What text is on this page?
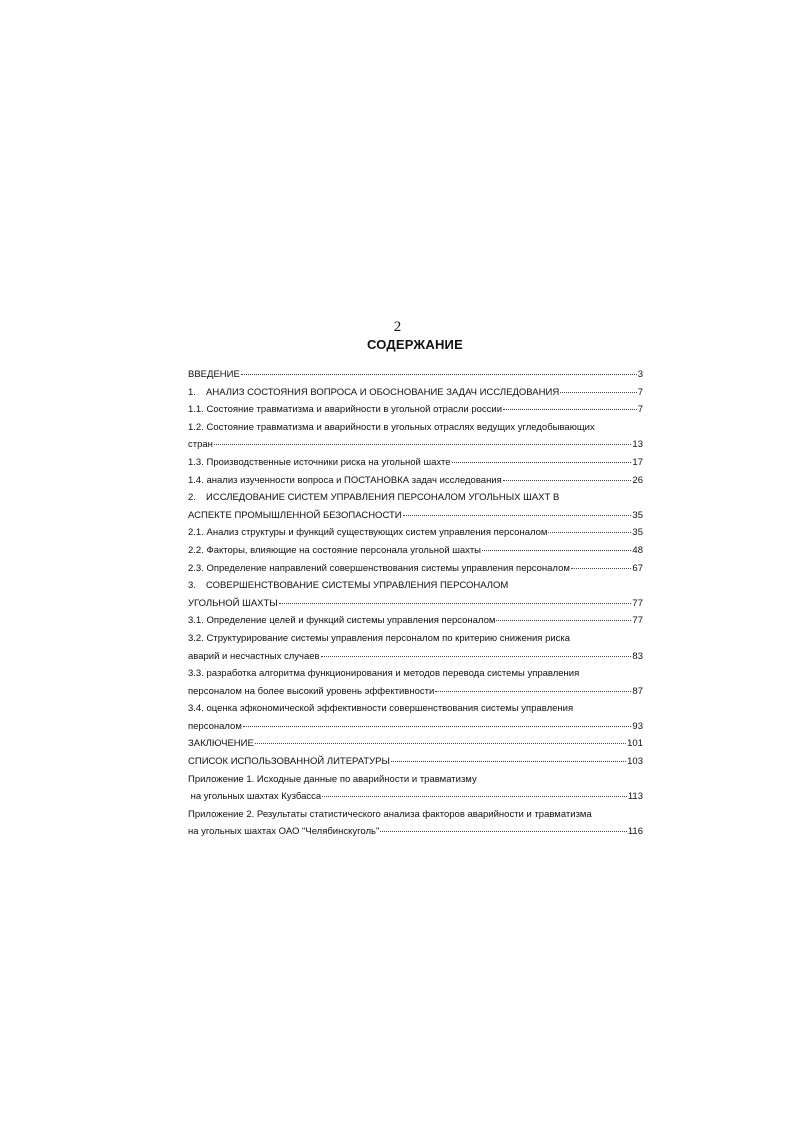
2
СОДЕРЖАНИЕ
ВВЕДЕНИЕ	3
1. АНАЛИЗ СОСТОЯНИЯ ВОПРОСА И ОБОСНОВАНИЕ ЗАДАЧ ИССЛЕДОВАНИЯ	7
1.1. Состояние травматизма и аварийности в угольной отрасли россии	7
1.2. Состояние травматизма и аварийности в угольных отраслях ведущих угледобывающих
стран	13
1.3. Производственные источники риска на угольной шахте	17
1.4. анализ изученности вопроса и ПОСТАНОВКА задач исследования	26
2. ИССЛЕДОВАНИЕ СИСТЕМ УПРАВЛЕНИЯ ПЕРСОНАЛОМ УГОЛЬНЫХ ШАХТ В
АСПЕКТЕ ПРОМЫШЛЕННОЙ БЕЗОПАСНОСТИ	35
2.1. Анализ структуры и функций существующих систем управления персоналом	35
2.2. Факторы, влияющие на состояние персонала угольной шахты	48
2.3. Определение направлений совершенствования системы управления персоналом	67
3. СОВЕРШЕНСТВОВАНИЕ СИСТЕМЫ УПРАВЛЕНИЯ ПЕРСОНАЛОМ
УГОЛЬНОЙ ШАХТЫ	77
3.1. Определение целей и функций системы управления персоналом	77
3.2. Структурирование системы управления персоналом по критерию снижения риска
аварий и несчастных случаев	83
3.3. разработка алгоритма функционирования и методов перевода системы управления
персоналом на более высокий уровень эффективности	87
3.4. оценка эфкономической эффективности совершенствования системы управления
персоналом	93
ЗАКЛЮЧЕНИЕ	101
СПИСОК ИСПОЛЬЗОВАННОЙ ЛИТЕРАТУРЫ	103
Приложение 1. Исходные данные по аварийности и травматизму
на угольных шахтах Кузбасса	113
Приложение 2. Результаты статистического анализа факторов аварийности и травматизма
на угольных шахтах ОАО "Челябинскуголь"	116
